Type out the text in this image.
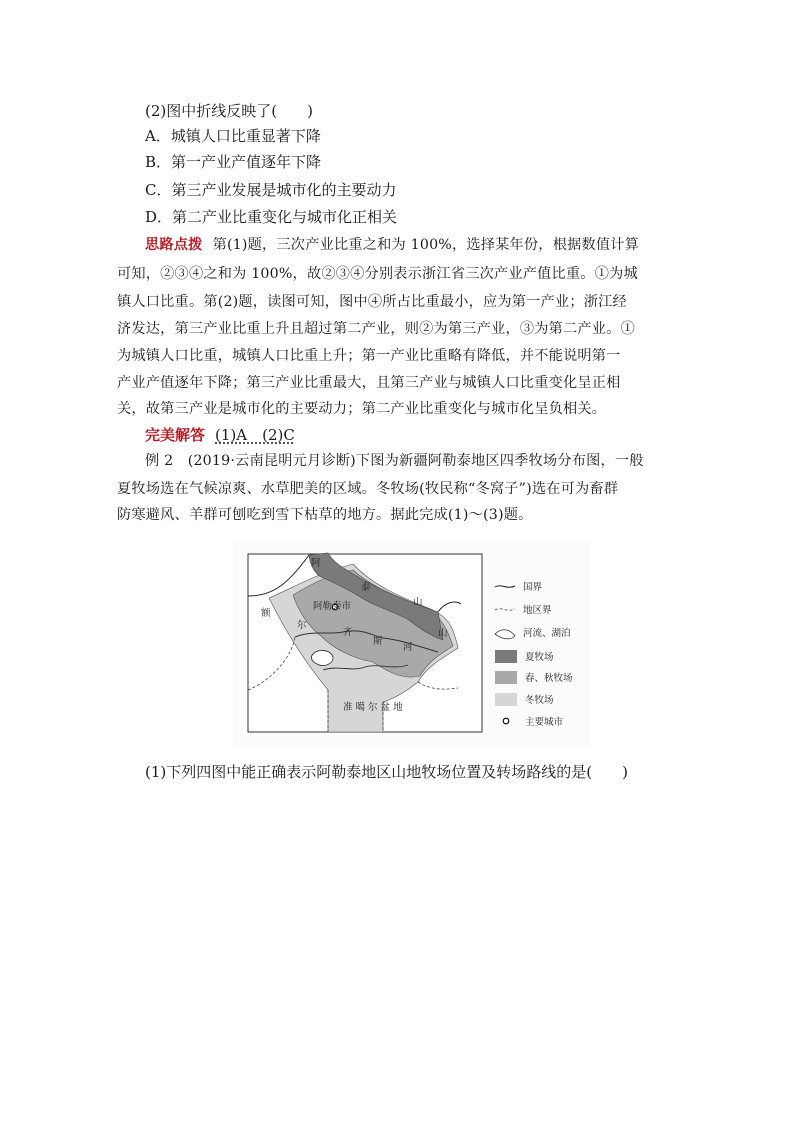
(2)图中折线反映了(　　)
A．城镇人口比重显著下降
B．第一产业产值逐年下降
C．第三产业发展是城市化的主要动力
D．第二产业比重变化与城市化正相关
思路点拨 第(1)题，三次产业比重之和为 100%，选择某年份，根据数值计算
可知，②③④之和为 100%，故②③④分别表示浙江省三次产业产值比重。①为城
镇人口比重。第(2)题，读图可知，图中④所占比重最小，应为第一产业；浙江经
济发达，第三产业比重上升且超过第二产业，则②为第三产业，③为第二产业。①
为城镇人口比重，城镇人口比重上升；第一产业比重略有降低，并不能说明第一
产业产值逐年下降；第三产业比重最大，且第三产业与城镇人口比重变化呈正相
关，故第三产业是城市化的主要动力；第二产业比重变化与城市化呈负相关。
完美解答 (1)A　(2)C
例 2　(2019·云南昆明元月诊断)下图为新疆阿勒泰地区四季牧场分布图，一般
夏牧场选在气候凉爽、水草肥美的区域。冬牧场(牧民称“冬窝子”)选在可为畜群
防寒避风、羊群可刨吃到雪下枯草的地方。据此完成(1)～(3)题。
阿勒泰市
阿
泰
山
额
尔
齐
斯
河
山
准 噶 尔 盆 地
国界
地区界
河流、湖泊
夏牧场
春、秋牧场
冬牧场
主要城市
(1)下列四图中能正确表示阿勒泰地区山地牧场位置及转场路线的是(　　)
